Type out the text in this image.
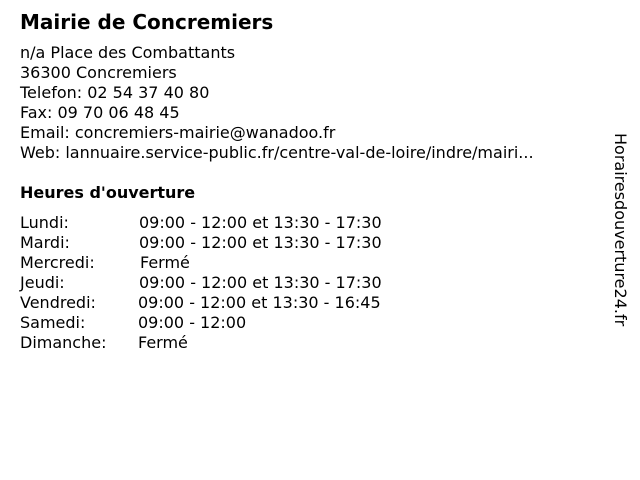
Mairie de Concremiers
n/a Place des Combattants
36300 Concremiers
Telefon: 02 54 37 40 80
Fax: 09 70 06 48 45
Email: concremiers-mairie@wanadoo.fr
Web: lannuaire.service-public.fr/centre-val-de-loire/indre/mairi...
Heures d'ouverture
Lundi:	09:00 - 12:00 et 13:30 - 17:30
Mardi:	09:00 - 12:00 et 13:30 - 17:30
Mercredi:	Fermé
Jeudi:	09:00 - 12:00 et 13:30 - 17:30
Vendredi:	09:00 - 12:00 et 13:30 - 16:45
Samedi:	09:00 - 12:00
Dimanche: Fermé
Horairesdouverture24.fr
